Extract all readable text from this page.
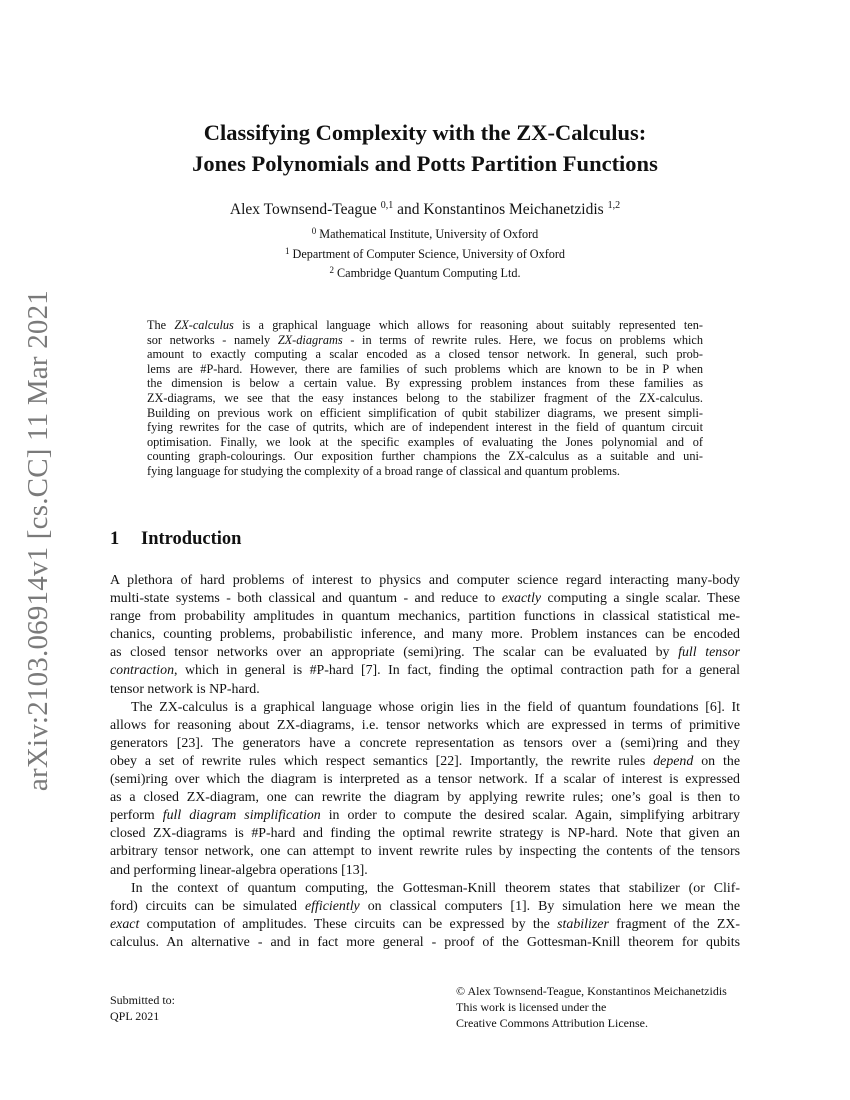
arXiv:2103.06914v1 [cs.CC] 11 Mar 2021
Classifying Complexity with the ZX-Calculus:
Jones Polynomials and Potts Partition Functions
Alex Townsend-Teague $^{0,1}$ and Konstantinos Meichanetzidis $^{1,2}$
$^0$ Mathematical Institute, University of Oxford
$^1$ Department of Computer Science, University of Oxford
$^2$ Cambridge Quantum Computing Ltd.
The ZX-calculus is a graphical language which allows for reasoning about suitably represented ten-
sor networks - namely ZX-diagrams - in terms of rewrite rules. Here, we focus on problems which
amount to exactly computing a scalar encoded as a closed tensor network. In general, such prob-
lems are #P-hard. However, there are families of such problems which are known to be in P when
the dimension is below a certain value. By expressing problem instances from these families as
ZX-diagrams, we see that the easy instances belong to the stabilizer fragment of the ZX-calculus.
Building on previous work on efficient simplification of qubit stabilizer diagrams, we present simpli-
fying rewrites for the case of qutrits, which are of independent interest in the field of quantum circuit
optimisation. Finally, we look at the specific examples of evaluating the Jones polynomial and of
counting graph-colourings. Our exposition further champions the ZX-calculus as a suitable and uni-
fying language for studying the complexity of a broad range of classical and quantum problems.
1 Introduction
A plethora of hard problems of interest to physics and computer science regard interacting many-body
multi-state systems - both classical and quantum - and reduce to exactly computing a single scalar. These
range from probability amplitudes in quantum mechanics, partition functions in classical statistical me-
chanics, counting problems, probabilistic inference, and many more. Problem instances can be encoded
as closed tensor networks over an appropriate (semi)ring. The scalar can be evaluated by full tensor
contraction, which in general is #P-hard [7]. In fact, finding the optimal contraction path for a general
tensor network is NP-hard.
The ZX-calculus is a graphical language whose origin lies in the field of quantum foundations [6]. It
allows for reasoning about ZX-diagrams, i.e. tensor networks which are expressed in terms of primitive
generators [23]. The generators have a concrete representation as tensors over a (semi)ring and they
obey a set of rewrite rules which respect semantics [22]. Importantly, the rewrite rules depend on the
(semi)ring over which the diagram is interpreted as a tensor network. If a scalar of interest is expressed
as a closed ZX-diagram, one can rewrite the diagram by applying rewrite rules; one’s goal is then to
perform full diagram simplification in order to compute the desired scalar. Again, simplifying arbitrary
closed ZX-diagrams is #P-hard and finding the optimal rewrite strategy is NP-hard. Note that given an
arbitrary tensor network, one can attempt to invent rewrite rules by inspecting the contents of the tensors
and performing linear-algebra operations [13].
In the context of quantum computing, the Gottesman-Knill theorem states that stabilizer (or Clif-
ford) circuits can be simulated efficiently on classical computers [1]. By simulation here we mean the
exact computation of amplitudes. These circuits can be expressed by the stabilizer fragment of the ZX-
calculus. An alternative - and in fact more general - proof of the Gottesman-Knill theorem for qubits
Submitted to:
QPL 2021
© Alex Townsend-Teague, Konstantinos Meichanetzidis
This work is licensed under the
Creative Commons Attribution License.
